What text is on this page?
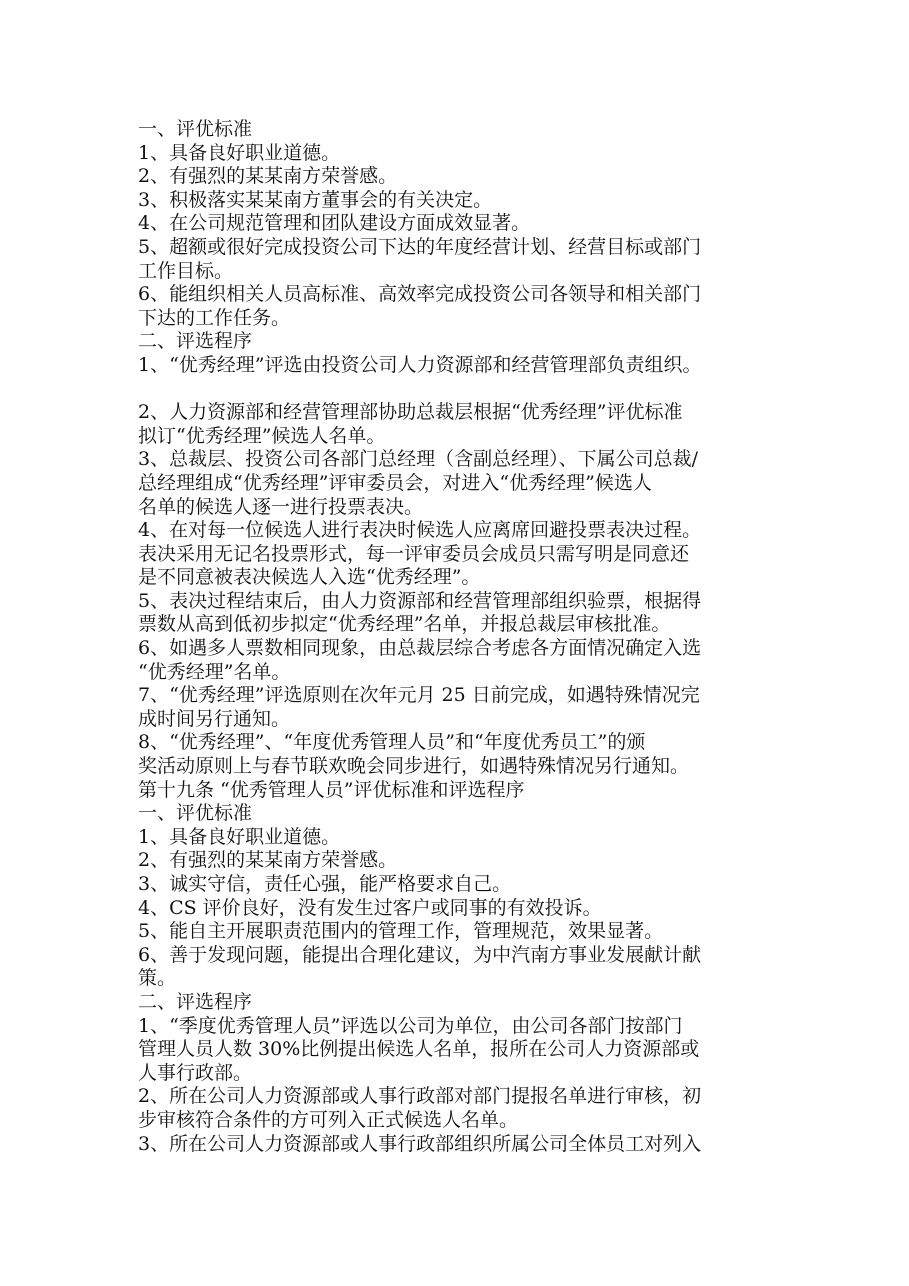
一、评优标准
1、具备良好职业道德。
2、有强烈的某某南方荣誉感。
3、积极落实某某南方董事会的有关决定。
4、在公司规范管理和团队建设方面成效显著。
5、超额或很好完成投资公司下达的年度经营计划、经营目标或部门
工作目标。
6、能组织相关人员高标准、高效率完成投资公司各领导和相关部门
下达的工作任务。
二、评选程序
1、“优秀经理”评选由投资公司人力资源部和经营管理部负责组织。
2、人力资源部和经营管理部协助总裁层根据“优秀经理”评优标准
拟订“优秀经理”候选人名单。
3、总裁层、投资公司各部门总经理（含副总经理）、下属公司总裁/
总经理组成“优秀经理”评审委员会，对进入“优秀经理”候选人
名单的候选人逐一进行投票表决。
4、在对每一位候选人进行表决时候选人应离席回避投票表决过程。
表决采用无记名投票形式，每一评审委员会成员只需写明是同意还
是不同意被表决候选人入选“优秀经理”。
5、表决过程结束后，由人力资源部和经营管理部组织验票，根据得
票数从高到低初步拟定“优秀经理”名单，并报总裁层审核批准。
6、如遇多人票数相同现象，由总裁层综合考虑各方面情况确定入选
“优秀经理”名单。
7、“优秀经理”评选原则在次年元月 25 日前完成，如遇特殊情况完
成时间另行通知。
8、“优秀经理”、“年度优秀管理人员”和“年度优秀员工”的颁
奖活动原则上与春节联欢晚会同步进行，如遇特殊情况另行通知。
第十九条 “优秀管理人员”评优标准和评选程序
一、评优标准
1、具备良好职业道德。
2、有强烈的某某南方荣誉感。
3、诚实守信，责任心强，能严格要求自己。
4、CS 评价良好，没有发生过客户或同事的有效投诉。
5、能自主开展职责范围内的管理工作，管理规范，效果显著。
6、善于发现问题，能提出合理化建议，为中汽南方事业发展献计献
策。
二、评选程序
1、“季度优秀管理人员”评选以公司为单位，由公司各部门按部门
管理人员人数 30%比例提出候选人名单，报所在公司人力资源部或
人事行政部。
2、所在公司人力资源部或人事行政部对部门提报名单进行审核，初
步审核符合条件的方可列入正式候选人名单。
3、所在公司人力资源部或人事行政部组织所属公司全体员工对列入
